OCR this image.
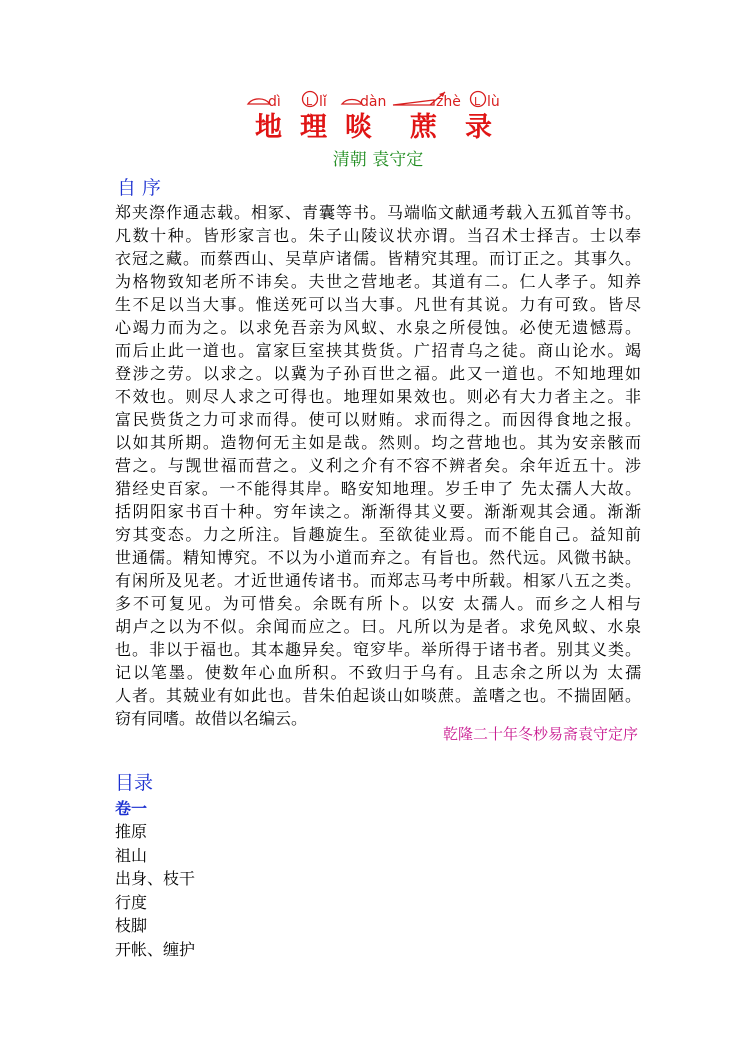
dì L lǐ dàn	zhè L lù
地 理 啖 蔗 录
清朝 袁守定
自 序
郑夹漈作通志载。相冢、青囊等书。马端临文献通考载入五狐首等书。
凡数十种。皆形家言也。朱子山陵议状亦谓。当召术士择吉。士以奉
衣冠之藏。而蔡西山、吴草庐诸儒。皆精究其理。而订正之。其事久。
为格物致知老所不讳矣。夫世之营地老。其道有二。仁人孝子。知养
生不足以当大事。惟送死可以当大事。凡世有其说。力有可致。皆尽
心竭力而为之。以求免吾亲为风蚁、水泉之所侵蚀。必使无遗憾焉。
而后止此一道也。富家巨室挟其赀货。广招青乌之徒。商山论水。竭
登涉之劳。以求之。以冀为子孙百世之福。此又一道也。不知地理如
不效也。则尽人求之可得也。地理如果效也。则必有大力者主之。非
富民赀货之力可求而得。使可以财贿。求而得之。而因得食地之报。
以如其所期。造物何无主如是哉。然则。均之营地也。其为安亲骸而
营之。与觊世福而营之。义利之介有不容不辨者矣。余年近五十。涉
猎经史百家。一不能得其岸。略安知地理。岁壬申了 先太孺人大故。
括阴阳家书百十种。穷年读之。渐渐得其义要。渐渐观其会通。渐渐
穷其变态。力之所注。旨趣旋生。至欲徒业焉。而不能自己。益知前
世通儒。精知博究。不以为小道而弃之。有旨也。然代远。风微书缺。
有闲所及见老。才近世通传诸书。而郑志马考中所载。相冢八五之类。
多不可复见。为可惜矣。余既有所卜。以安 太孺人。而乡之人相与
胡卢之以为不似。余闻而应之。曰。凡所以为是者。求免风蚁、水泉
也。非以于福也。其本趣异矣。窀穸毕。举所得于诸书者。别其义类。
记以笔墨。使数年心血所积。不致归于乌有。且志余之所以为 太孺
人者。其兢业有如此也。昔朱伯起谈山如啖蔗。盖嗜之也。不揣固陋。
窃有同嗜。故借以名编云。
乾隆二十年冬杪易斋袁守定序
目录
卷一
推原
祖山
出身、枝干
行度
枝脚
开帐、缠护
